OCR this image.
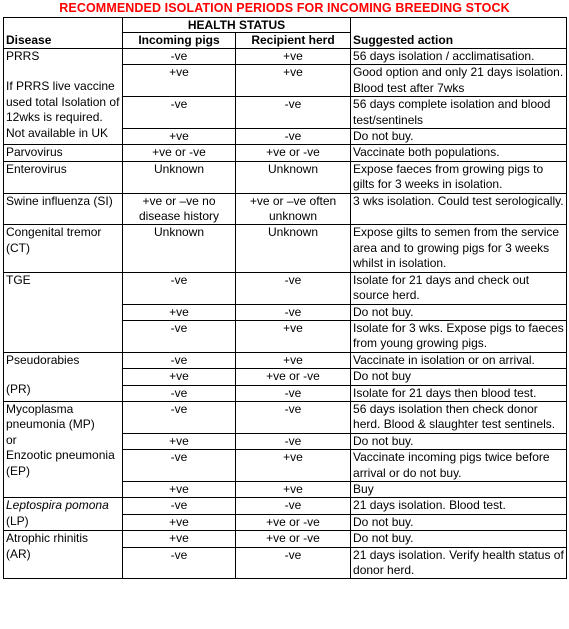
RECOMMENDED ISOLATION PERIODS FOR INCOMING BREEDING STOCK
	HEALTH STATUS		
Disease	Incoming pigs	Recipient herd	Suggested action

PRRS
If PRRS live vaccine used total Isolation of 12wks is required. Not available in UK	-ve	+ve	56 days isolation / acclimatisation.
	+ve	+ve	Good option and only 21 days isolation. Blood test after 7wks
	-ve	-ve	56 days complete isolation and blood test/sentinels
	+ve	-ve	Do not buy.
Parvovirus	+ve or -ve	+ve or -ve	Vaccinate both populations.
Enterovirus	Unknown	Unknown	Expose faeces from growing pigs to gilts for 3 weeks in isolation.
Swine influenza (SI)	+ve or –ve no disease history	+ve or –ve often unknown	3 wks isolation. Could test serologically.
Congenital tremor (CT)	Unknown	Unknown	Expose gilts to semen from the service area and to growing pigs for 3 weeks whilst in isolation.
TGE	-ve	-ve	Isolate for 21 days and check out source herd.
	+ve	-ve	Do not buy.
	-ve	+ve	Isolate for 3 wks. Expose pigs to faeces from young growing pigs.

Pseudorabies
(PR)	-ve	+ve	Vaccinate in isolation or on arrival.
	+ve	+ve or -ve	Do not buy
	-ve	-ve	Isolate for 21 days then blood test.

Mycoplasma pneumonia (MP)
or
Enzootic pneumonia (EP)	-ve	-ve	56 days isolation then check donor herd. Blood & slaughter test sentinels.
	+ve	-ve	Do not buy.
	-ve	+ve	Vaccinate incoming pigs twice before arrival or do not buy.
	+ve	+ve	Buy
Leptospira pomona (LP)	-ve	-ve	21 days isolation. Blood test.
	+ve	+ve or -ve	Do not buy.

Atrophic rhinitis
(AR)	+ve	+ve or -ve	Do not buy.
	-ve	-ve	21 days isolation. Verify health status of donor herd.
